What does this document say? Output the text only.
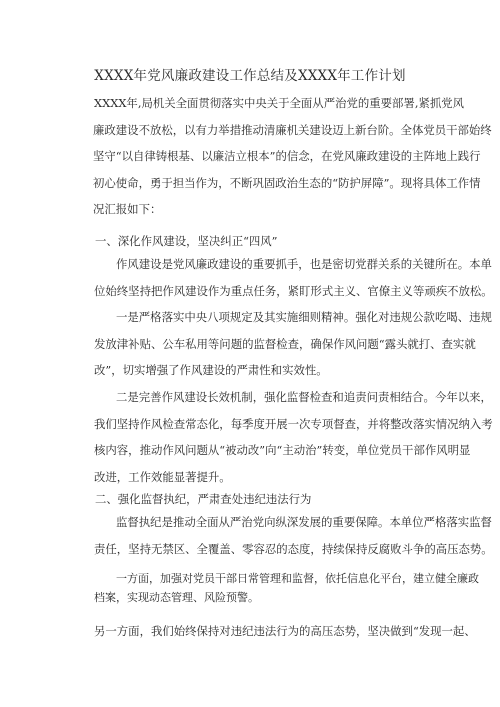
XXXX年党风廉政建设工作总结及XXXX年工作计划
XXXX年,局机关全面贯彻落实中央关于全面从严治党的重要部署,紧抓党风
廉政建设不放松，以有力举措推动清廉机关建设迈上新台阶。全体党员干部始终
坚守“以自律铸根基、以廉洁立根本”的信念，在党风廉政建设的主阵地上践行
初心使命，勇于担当作为，不断巩固政治生态的“防护屏障”。现将具体工作情
况汇报如下：
一、深化作风建设，坚决纠正“四风”
作风建设是党风廉政建设的重要抓手，也是密切党群关系的关键所在。本单
位始终坚持把作风建设作为重点任务，紧盯形式主义、官僚主义等顽疾不放松。
一是严格落实中央八项规定及其实施细则精神。强化对违规公款吃喝、违规
发放津补贴、公车私用等问题的监督检查，确保作风问题“露头就打、查实就
改”，切实增强了作风建设的严肃性和实效性。
二是完善作风建设长效机制，强化监督检查和追责问责相结合。今年以来，
我们坚持作风检查常态化，每季度开展一次专项督查，并将整改落实情况纳入考
核内容，推动作风问题从“被动改”向“主动治”转变，单位党员干部作风明显
改进，工作效能显著提升。
二、强化监督执纪，严肃查处违纪违法行为
监督执纪是推动全面从严治党向纵深发展的重要保障。本单位严格落实监督
责任，坚持无禁区、全覆盖、零容忍的态度，持续保持反腐败斗争的高压态势。
一方面，加强对党员干部日常管理和监督，依托信息化平台，建立健全廉政
档案，实现动态管理、风险预警。
另一方面，我们始终保持对违纪违法行为的高压态势，坚决做到“发现一起、
